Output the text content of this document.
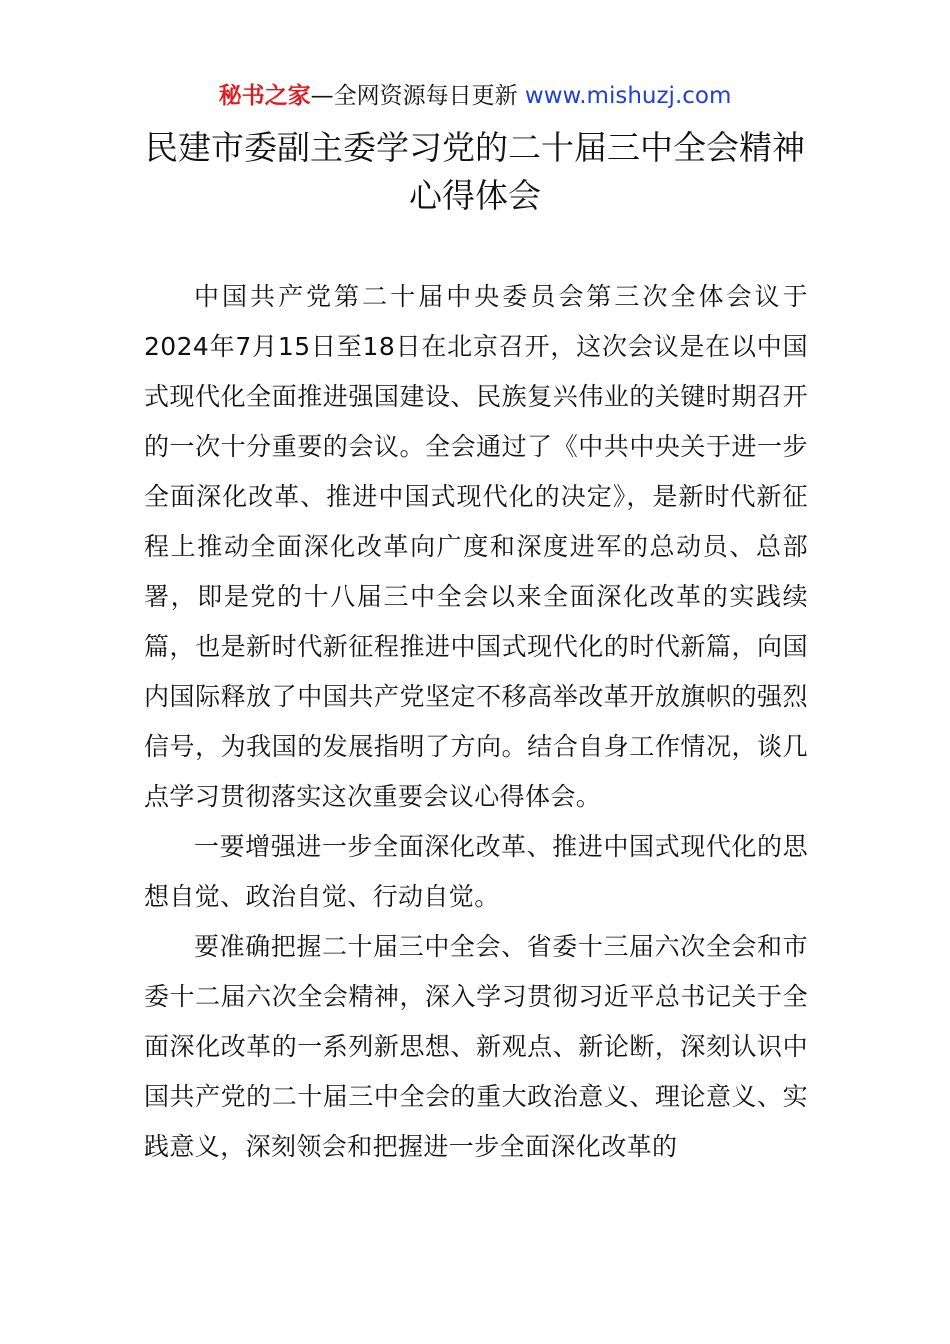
秘书之家—全网资源每日更新 www.mishuzj.com
民建市委副主委学习党的二十届三中全会精神
心得体会

中国共产党第二十届中央委员会第三次全体会议于2024年7月15日至18日在北京召开，这次会议是在以中国式现代化全面推进强国建设、民族复兴伟业的关键时期召开的一次十分重要的会议。全会通过了《中共中央关于进一步全面深化改革、推进中国式现代化的决定》，是新时代新征程上推动全面深化改革向广度和深度进军的总动员、总部署，即是党的十八届三中全会以来全面深化改革的实践续篇，也是新时代新征程推进中国式现代化的时代新篇，向国内国际释放了中国共产党坚定不移高举改革开放旗帜的强烈信号，为我国的发展指明了方向。结合自身工作情况，谈几点学习贯彻落实这次重要会议心得体会。

一要增强进一步全面深化改革、推进中国式现代化的思想自觉、政治自觉、行动自觉。

要准确把握二十届三中全会、省委十三届六次全会和市委十二届六次全会精神，深入学习贯彻习近平总书记关于全面深化改革的一系列新思想、新观点、新论断，深刻认识中国共产党的二十届三中全会的重大政治意义、理论意义、实践意义，深刻领会和把握进一步全面深化改革的
